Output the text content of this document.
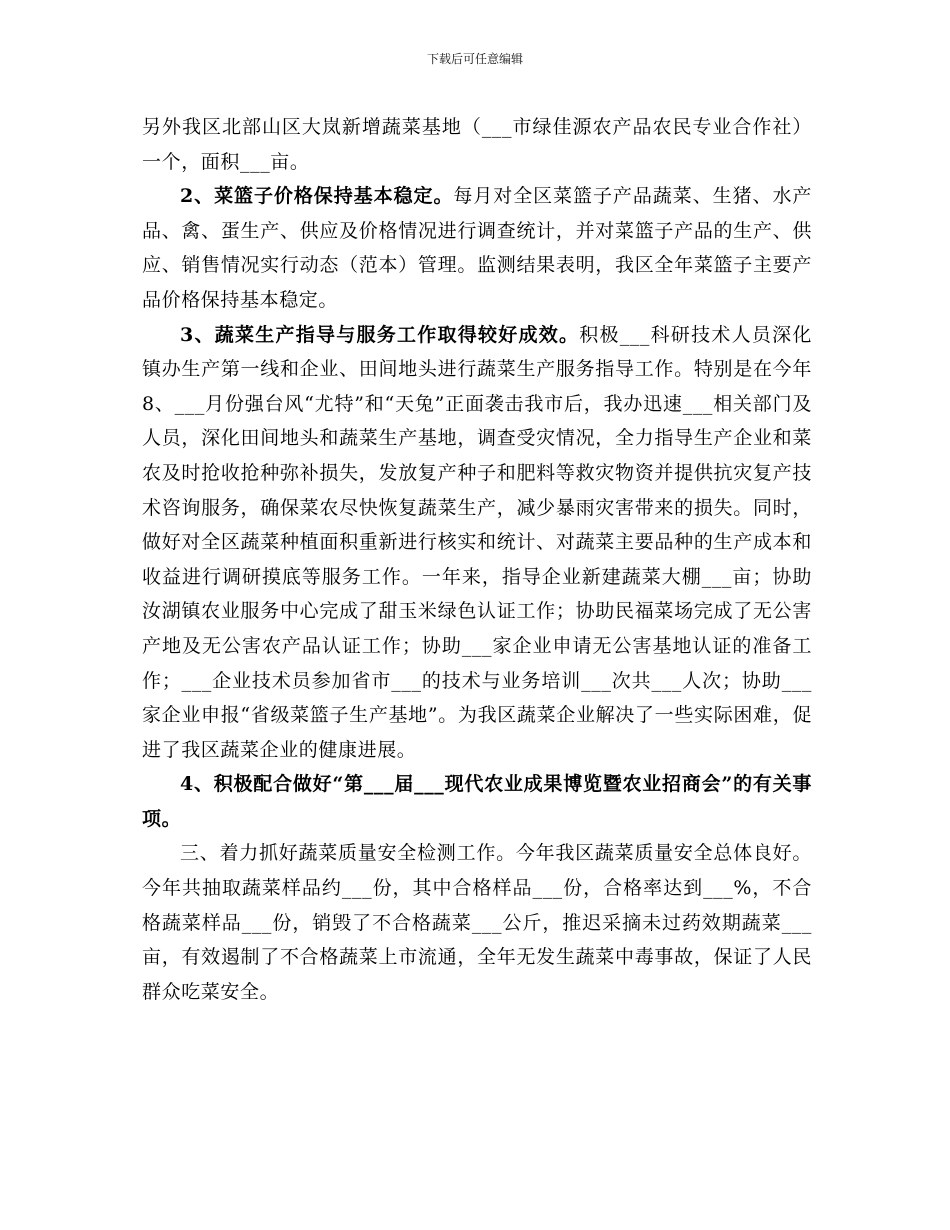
下载后可任意编辑

另外我区北部山区大岚新增蔬菜基地（___市绿佳源农产品农民专业合作社）一个，面积___亩。

2、菜篮子价格保持基本稳定。每月对全区菜篮子产品蔬菜、生猪、水产品、禽、蛋生产、供应及价格情况进行调查统计，并对菜篮子产品的生产、供应、销售情况实行动态（范本）管理。监测结果表明，我区全年菜篮子主要产品价格保持基本稳定。

3、蔬菜生产指导与服务工作取得较好成效。积极___科研技术人员深化镇办生产第一线和企业、田间地头进行蔬菜生产服务指导工作。特别是在今年8、___月份强台风“尤特”和“天兔”正面袭击我市后，我办迅速___相关部门及人员，深化田间地头和蔬菜生产基地，调查受灾情况，全力指导生产企业和菜农及时抢收抢种弥补损失，发放复产种子和肥料等救灾物资并提供抗灾复产技术咨询服务，确保菜农尽快恢复蔬菜生产，减少暴雨灾害带来的损失。同时，做好对全区蔬菜种植面积重新进行核实和统计、对蔬菜主要品种的生产成本和收益进行调研摸底等服务工作。一年来，指导企业新建蔬菜大棚___亩；协助汝湖镇农业服务中心完成了甜玉米绿色认证工作；协助民福菜场完成了无公害产地及无公害农产品认证工作；协助___家企业申请无公害基地认证的准备工作；___企业技术员参加省市___的技术与业务培训___次共___人次；协助___家企业申报“省级菜篮子生产基地”。为我区蔬菜企业解决了一些实际困难，促进了我区蔬菜企业的健康进展。

4、积极配合做好“第___届___现代农业成果博览暨农业招商会”的有关事项。

三、着力抓好蔬菜质量安全检测工作。今年我区蔬菜质量安全总体良好。今年共抽取蔬菜样品约___份，其中合格样品___份，合格率达到___%，不合格蔬菜样品___份，销毁了不合格蔬菜___公斤，推迟采摘未过药效期蔬菜___亩，有效遏制了不合格蔬菜上市流通，全年无发生蔬菜中毒事故，保证了人民群众吃菜安全。
